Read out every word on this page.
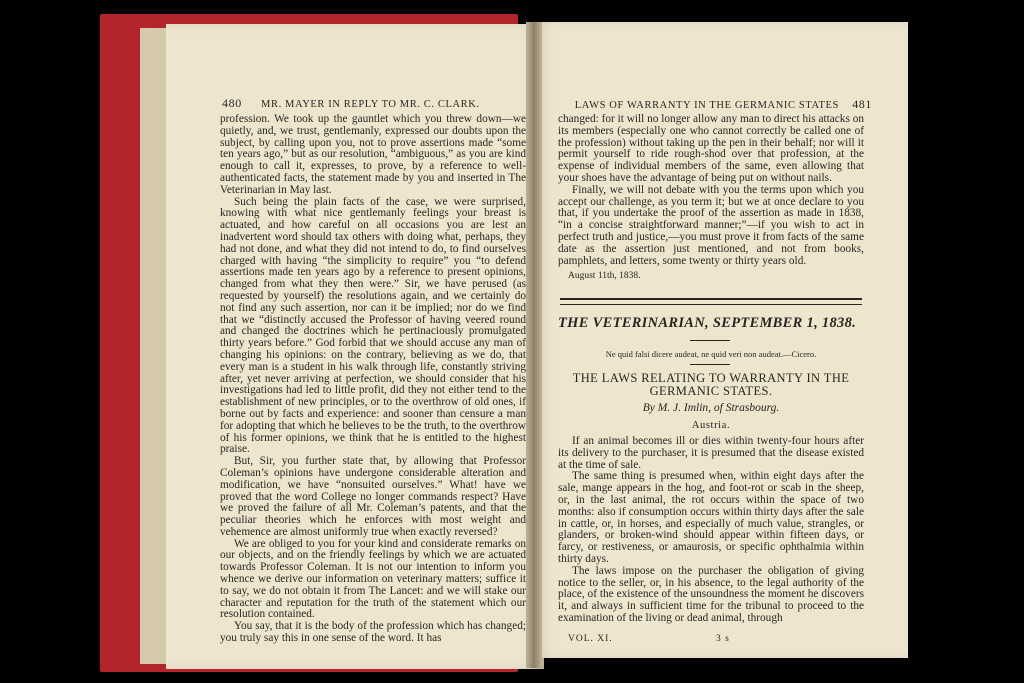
480 MR. MAYER IN REPLY TO MR. C. CLARK.

profession. We took up the gauntlet which you threw down—we quietly, and, we trust, gentlemanly, expressed our doubts upon the subject, by calling upon you, not to prove assertions made “some ten years ago,” but as our resolution, “ambiguous,” as you are kind enough to call it, expresses, to prove, by a reference to well-authenticated facts, the statement made by you and inserted in The Veterinarian in May last.

Such being the plain facts of the case, we were surprised, knowing with what nice gentlemanly feelings your breast is actuated, and how careful on all occasions you are lest an inadvertent word should tax others with doing what, perhaps, they had not done, and what they did not intend to do, to find ourselves charged with having “the simplicity to require” you “to defend assertions made ten years ago by a reference to present opinions, changed from what they then were.” Sir, we have perused (as requested by yourself) the resolutions again, and we certainly do not find any such assertion, nor can it be implied; nor do we find that we “distinctly accused the Professor of having veered round and changed the doctrines which he pertinaciously promulgated thirty years before.” God forbid that we should accuse any man of changing his opinions: on the contrary, believing as we do, that every man is a student in his walk through life, constantly striving after, yet never arriving at perfection, we should consider that his investigations had led to little profit, did they not either tend to the establishment of new principles, or to the overthrow of old ones, if borne out by facts and experience: and sooner than censure a man for adopting that which he believes to be the truth, to the overthrow of his former opinions, we think that he is entitled to the highest praise.

But, Sir, you further state that, by allowing that Professor Coleman’s opinions have undergone considerable alteration and modification, we have “nonsuited ourselves.” What! have we proved that the word College no longer commands respect? Have we proved the failure of all Mr. Coleman’s patents, and that the peculiar theories which he enforces with most weight and vehemence are almost uniformly true when exactly reversed?

We are obliged to you for your kind and considerate remarks on our objects, and on the friendly feelings by which we are actuated towards Professor Coleman. It is not our intention to inform you whence we derive our information on veterinary matters; suffice it to say, we do not obtain it from The Lancet: and we will stake our character and reputation for the truth of the statement which our resolution contained.

You say, that it is the body of the profession which has changed; you truly say this in one sense of the word. It has

LAWS OF WARRANTY IN THE GERMANIC STATES 481

changed: for it will no longer allow any man to direct his attacks on its members (especially one who cannot correctly be called one of the profession) without taking up the pen in their behalf; nor will it permit yourself to ride rough-shod over that profession, at the expense of individual members of the same, even allowing that your shoes have the advantage of being put on without nails.

Finally, we will not debate with you the terms upon which you accept our challenge, as you term it; but we at once declare to you that, if you undertake the proof of the assertion as made in 1838, “in a concise straightforward manner;”—if you wish to act in perfect truth and justice,—you must prove it from facts of the same date as the assertion just mentioned, and not from books, pamphlets, and letters, some twenty or thirty years old.

August 11th, 1838.

THE VETERINARIAN, SEPTEMBER 1, 1838.
Ne quid falsi dicere audeat, ne quid veri non audeat.—Cicero.
THE LAWS RELATING TO WARRANTY IN THE GERMANIC STATES.
By M. J. Imlin, of Strasbourg.
Austria.

If an animal becomes ill or dies within twenty-four hours after its delivery to the purchaser, it is presumed that the disease existed at the time of sale.

The same thing is presumed when, within eight days after the sale, mange appears in the hog, and foot-rot or scab in the sheep, or, in the last animal, the rot occurs within the space of two months: also if consumption occurs within thirty days after the sale in cattle, or, in horses, and especially of much value, strangles, or glanders, or broken-wind should appear within fifteen days, or farcy, or restiveness, or amaurosis, or specific ophthalmia within thirty days.

The laws impose on the purchaser the obligation of giving notice to the seller, or, in his absence, to the legal authority of the place, of the existence of the unsoundness the moment he discovers it, and always in sufficient time for the tribunal to proceed to the examination of the living or dead animal, through

VOL. XI.	3 s
